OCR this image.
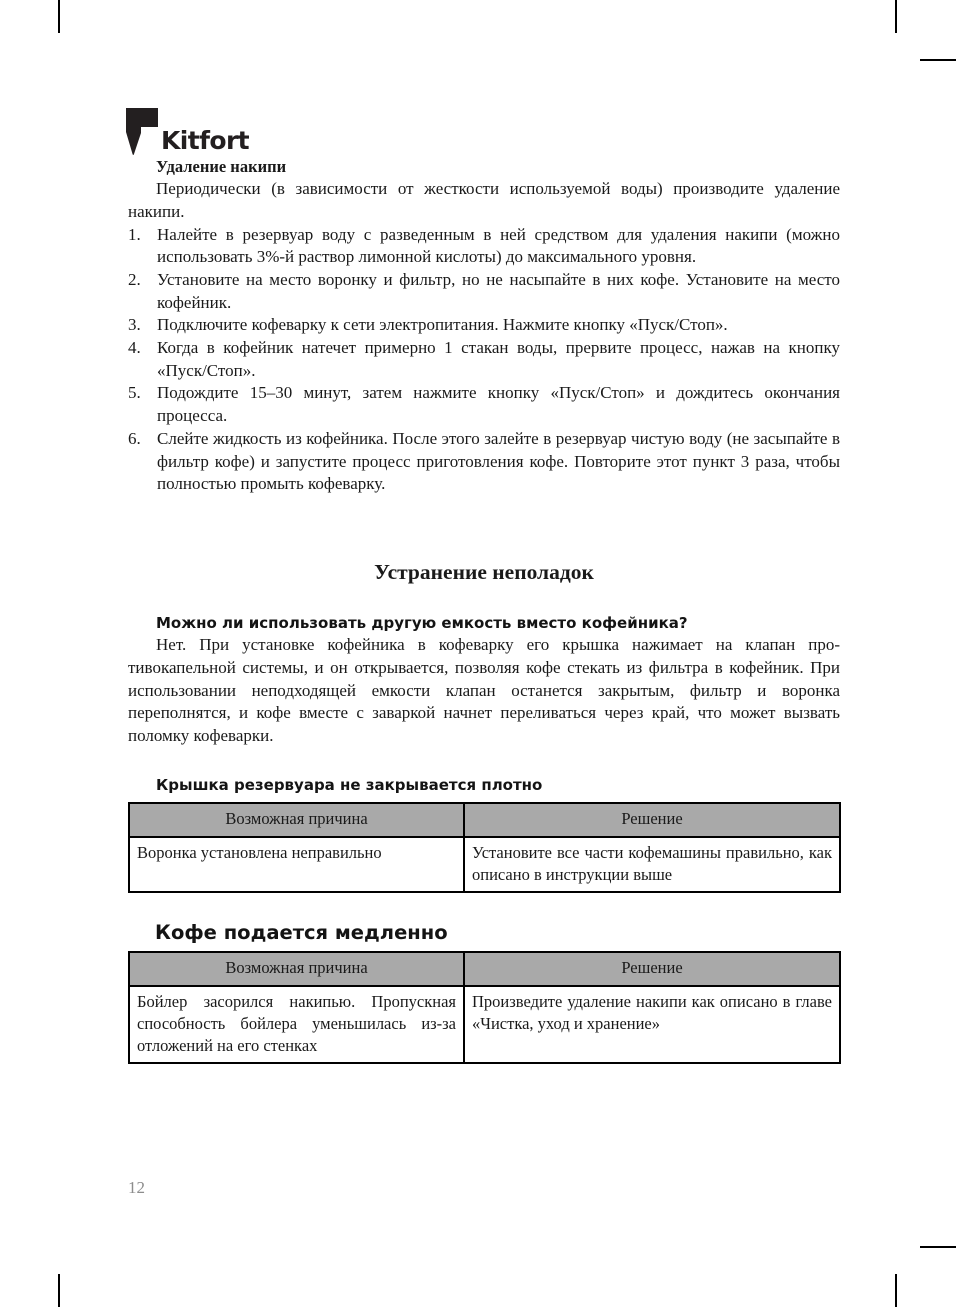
Kitfort
Удаление накипи

Периодически (в зависимости от жесткости используемой воды) производите удаление накипи.

1. Налейте в резервуар воду с разведенным в ней средством для удаления накипи (можно использовать 3%-й раствор лимонной кислоты) до максимального уровня.
2. Установите на место воронку и фильтр, но не насыпайте в них кофе. Установите на место кофейник.
3. Подключите кофеварку к сети электропитания. Нажмите кнопку «Пуск/Стоп».
4. Когда в кофейник натечет примерно 1 стакан воды, прервите процесс, нажав на кнопку «Пуск/Стоп».
5. Подождите 15–30 минут, затем нажмите кнопку «Пуск/Стоп» и дождитесь окончания процесса.
6. Слейте жидкость из кофейника. После этого залейте в резервуар чистую воду (не засыпайте в фильтр кофе) и запустите процесс приготовления кофе. Повторите этот пункт 3 раза, чтобы полностью промыть кофеварку.
Устранение неполадок
Можно ли использовать другую емкость вместо кофейника?

Нет. При установке кофейника в кофеварку его крышка нажимает на клапан противокапельной системы, и он открывается, позволяя кофе стекать из фильтра в кофейник. При использовании неподходящей емкости клапан останется закрытым, фильтр и воронка переполнятся, и кофе вместе с заваркой начнет переливаться через край, что может вызвать поломку кофеварки.

Крышка резервуара не закрывается плотно
Возможная причина	Решение
Воронка установлена неправильно	Установите все части кофемашины правильно, как описано в инструкции выше
Кофе подается медленно
Возможная причина	Решение
Бойлер засорился накипью. Пропускная способность бойлера уменьшилась из-за отложений на его стенках	Произведите удаление накипи как описано в главе «Чистка, уход и хранение»
12
